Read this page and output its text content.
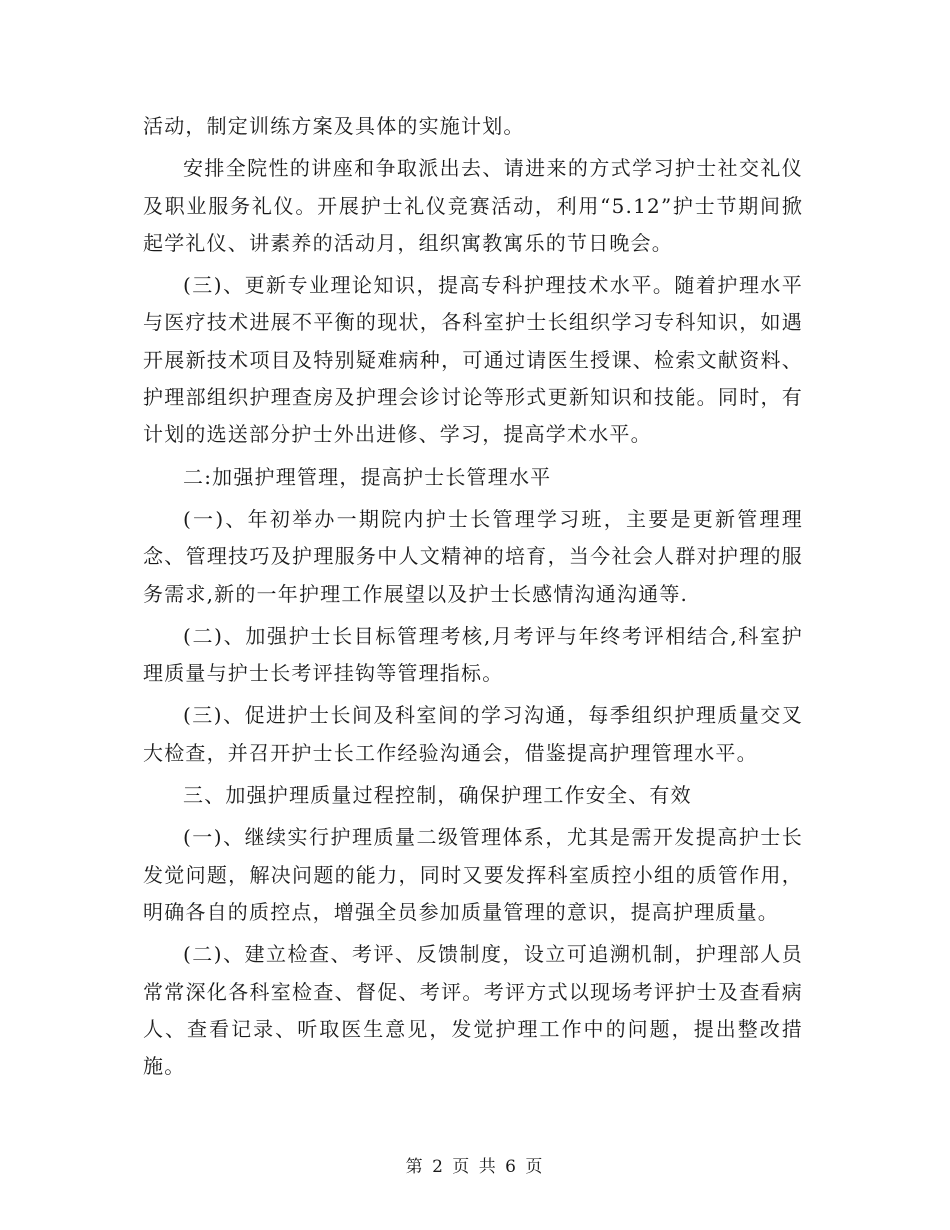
活动，制定训练方案及具体的实施计划。

安排全院性的讲座和争取派出去、请进来的方式学习护士社交礼仪及职业服务礼仪。开展护士礼仪竞赛活动，利用“5.12”护士节期间掀起学礼仪、讲素养的活动月，组织寓教寓乐的节日晚会。

(三)、更新专业理论知识，提高专科护理技术水平。随着护理水平与医疗技术进展不平衡的现状，各科室护士长组织学习专科知识，如遇开展新技术项目及特别疑难病种，可通过请医生授课、检索文献资料、护理部组织护理查房及护理会诊讨论等形式更新知识和技能。同时，有计划的选送部分护士外出进修、学习，提高学术水平。

二:加强护理管理，提高护士长管理水平

(一)、年初举办一期院内护士长管理学习班，主要是更新管理理念、管理技巧及护理服务中人文精神的培育，当今社会人群对护理的服务需求,新的一年护理工作展望以及护士长感情沟通沟通等.

(二)、加强护士长目标管理考核,月考评与年终考评相结合,科室护理质量与护士长考评挂钩等管理指标。

(三)、促进护士长间及科室间的学习沟通，每季组织护理质量交叉大检查，并召开护士长工作经验沟通会，借鉴提高护理管理水平。

三、加强护理质量过程控制，确保护理工作安全、有效

(一)、继续实行护理质量二级管理体系，尤其是需开发提高护士长发觉问题，解决问题的能力，同时又要发挥科室质控小组的质管作用，明确各自的质控点，增强全员参加质量管理的意识，提高护理质量。

(二)、建立检查、考评、反馈制度，设立可追溯机制，护理部人员常常深化各科室检查、督促、考评。考评方式以现场考评护士及查看病人、查看记录、听取医生意见，发觉护理工作中的问题，提出整改措施。

第 2 页 共 6 页
